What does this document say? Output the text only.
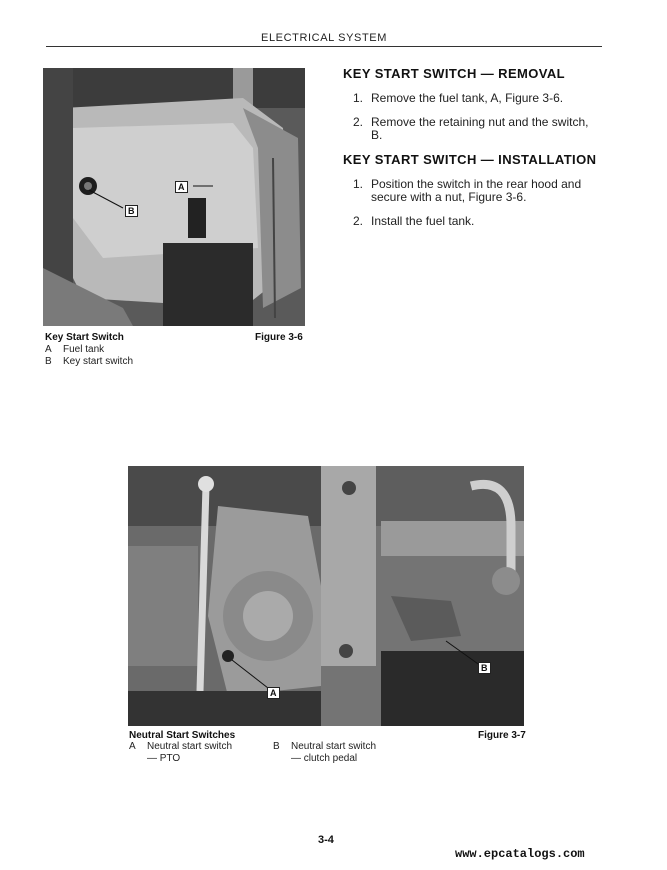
ELECTRICAL SYSTEM
A
B
Key Start Switch	Figure 3-6
A Fuel tank
B Key start switch
KEY START SWITCH — REMOVAL
1. Remove the fuel tank, A, Figure 3-6.
2. Remove the retaining nut and the switch,
B.
KEY START SWITCH — INSTALLATION
1. Position the switch in the rear hood and
secure with a nut, Figure 3-6.
2. Install the fuel tank.
A
B
Neutral Start Switches	Figure 3-7
A Neutral start switch
— PTO
B Neutral start switch
— clutch pedal
3-4
www.epcatalogs.com
